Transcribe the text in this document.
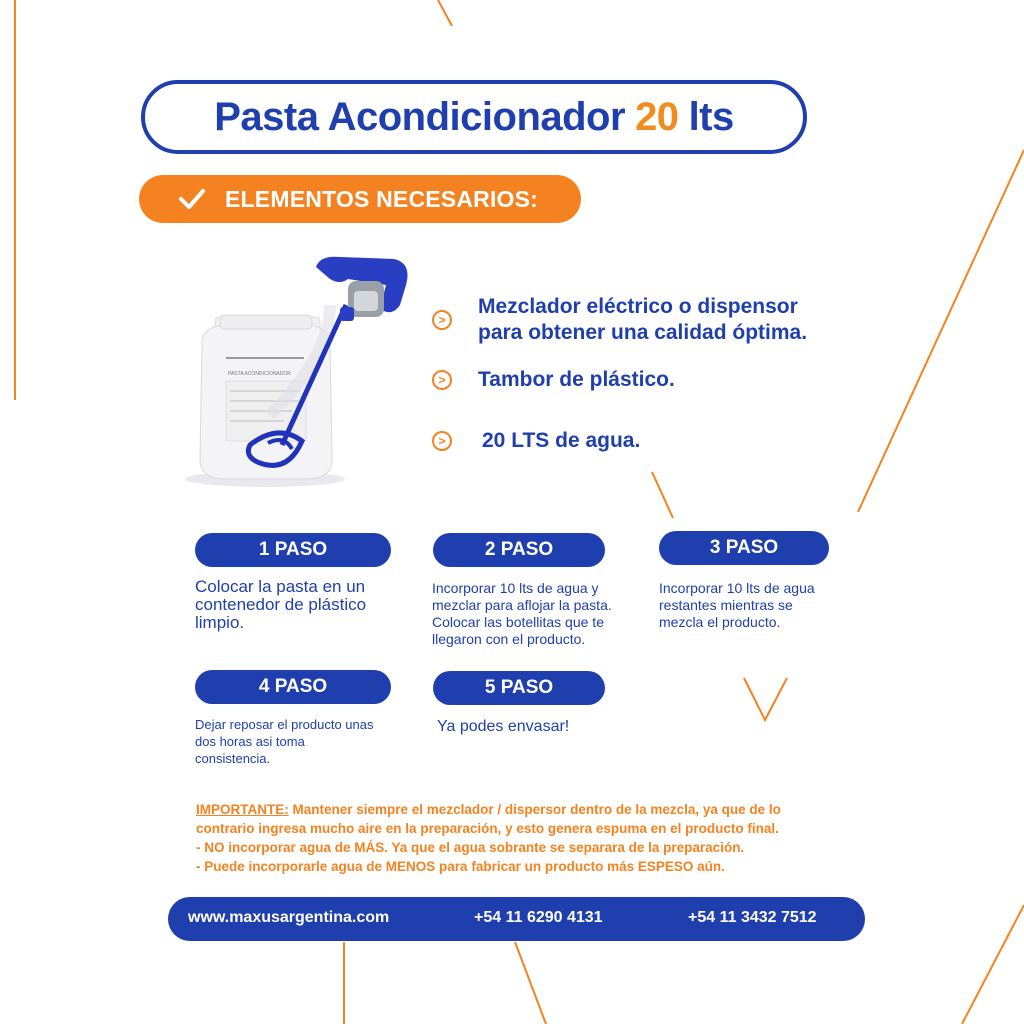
Pasta Acondicionador 20 lts
ELEMENTOS NECESARIOS:
PASTA ACONDICIONADOR
>
Mezclador eléctrico o dispensor
para obtener una calidad óptima.
>	Tambor de plástico.
>	20 LTS de agua.
1 PASO
Colocar la pasta en un
contenedor de plástico
limpio.
2 PASO
Incorporar 10 lts de agua y
mezclar para aflojar la pasta.
Colocar las botellitas que te
llegaron con el producto.
3 PASO
Incorporar 10 lts de agua
restantes mientras se
mezcla el producto.
4 PASO
Dejar reposar el producto unas
dos horas asi toma
consistencia.
5 PASO
Ya podes envasar!
IMPORTANTE: Mantener siempre el mezclador / dispersor dentro de la mezcla, ya que de lo
contrario ingresa mucho aire en la preparación, y esto genera espuma en el producto final.
- NO incorporar agua de MÁS. Ya que el agua sobrante se separara de la preparación.
- Puede incorporarle agua de MENOS para fabricar un producto más ESPESO aún.
www.maxusargentina.com	+54 11 6290 4131	+54 11 3432 7512
